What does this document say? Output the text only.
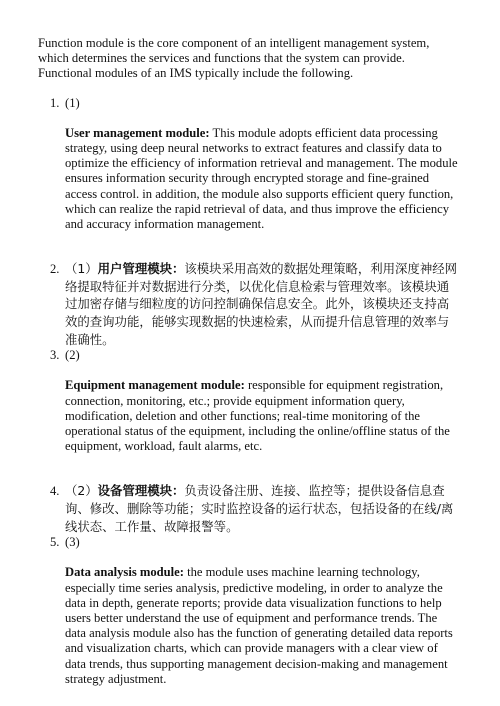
Function module is the core component of an intelligent management system, which determines the services and functions that the system can provide. Functional modules of an IMS typically include the following.

1. (1)

User management module: This module adopts efficient data processing strategy, using deep neural networks to extract features and classify data to optimize the efficiency of information retrieval and management. The module ensures information security through encrypted storage and fine-grained access control. in addition, the module also supports efficient query function, which can realize the rapid retrieval of data, and thus improve the efficiency and accuracy information management.

2. （1）用户管理模块：该模块采用高效的数据处理策略，利用深度神经网络提取特征并对数据进行分类，以优化信息检索与管理效率。该模块通过加密存储与细粒度的访问控制确保信息安全。此外，该模块还支持高效的查询功能，能够实现数据的快速检索，从而提升信息管理的效率与准确性。

3. (2)

Equipment management module: responsible for equipment registration, connection, monitoring, etc.; provide equipment information query, modification, deletion and other functions; real-time monitoring of the operational status of the equipment, including the online/offline status of the equipment, workload, fault alarms, etc.

4. （2）设备管理模块：负责设备注册、连接、监控等；提供设备信息查询、修改、删除等功能；实时监控设备的运行状态，包括设备的在线/离线状态、工作量、故障报警等。

5. (3)

Data analysis module: the module uses machine learning technology, especially time series analysis, predictive modeling, in order to analyze the data in depth, generate reports; provide data visualization functions to help users better understand the use of equipment and performance trends. The data analysis module also has the function of generating detailed data reports and visualization charts, which can provide managers with a clear view of data trends, thus supporting management decision-making and management strategy adjustment.
